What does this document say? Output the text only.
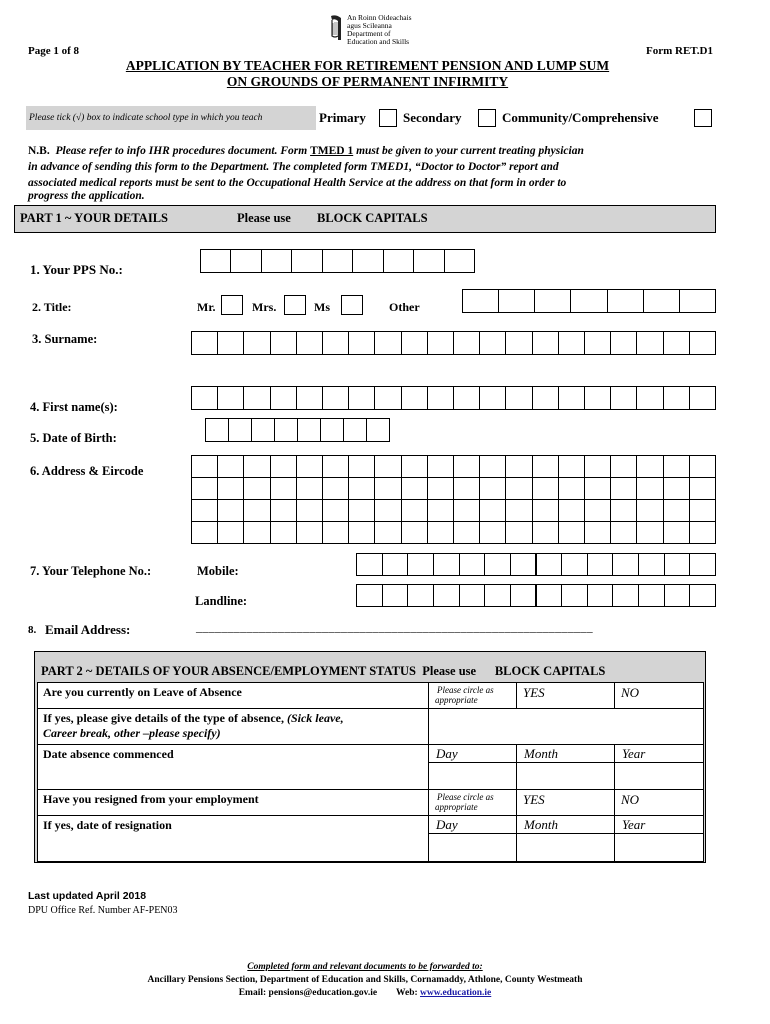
An Roinn Oideachais
agus Scileanna
Department of
Education and Skills
Page 1 of 8	Form RET.D1
APPLICATION BY TEACHER FOR RETIREMENT PENSION AND LUMP SUM
ON GROUNDS OF PERMANENT INFIRMITY
Please tick (√) box to indicate school type in which you teach	Primary	Secondary	Community/Comprehensive
N.B. Please refer to info IHR procedures document. Form TMED 1 must be given to your current treating physician
in advance of sending this form to the Department. The completed form TMED1, “Doctor to Doctor” report and
associated medical reports must be sent to the Occupational Health Service at the address on that form in order to
progress the application.
PART 1 ~ YOUR DETAILS	Please use BLOCK CAPITALS
1. Your PPS No.:
2. Title:	Mr.	Mrs.	Ms	Other
3. Surname:
4. First name(s):
5. Date of Birth:
6. Address & Eircode
7. Your Telephone No.:	Mobile:
Landline:
8. Email Address:	_______________________________________________________________
PART 2 ~ DETAILS OF YOUR ABSENCE/EMPLOYMENT STATUS Please use BLOCK CAPITALS
Are you currently on Leave of Absence	Please circle as
appropriate	YES	NO
If yes, please give details of the type of absence, (Sick leave,
Career break, other –please specify)
Date absence commenced	Day	Month	Year
Have you resigned from your employment	Please circle as
appropriate	YES	NO
If yes, date of resignation	Day	Month	Year
Last updated April 2018
DPU Office Ref. Number AF-PEN03
Completed form and relevant documents to be forwarded to:
Ancillary Pensions Section, Department of Education and Skills, Cornamaddy, Athlone, County Westmeath
Email: pensions@education.gov.ie Web: www.education.ie
